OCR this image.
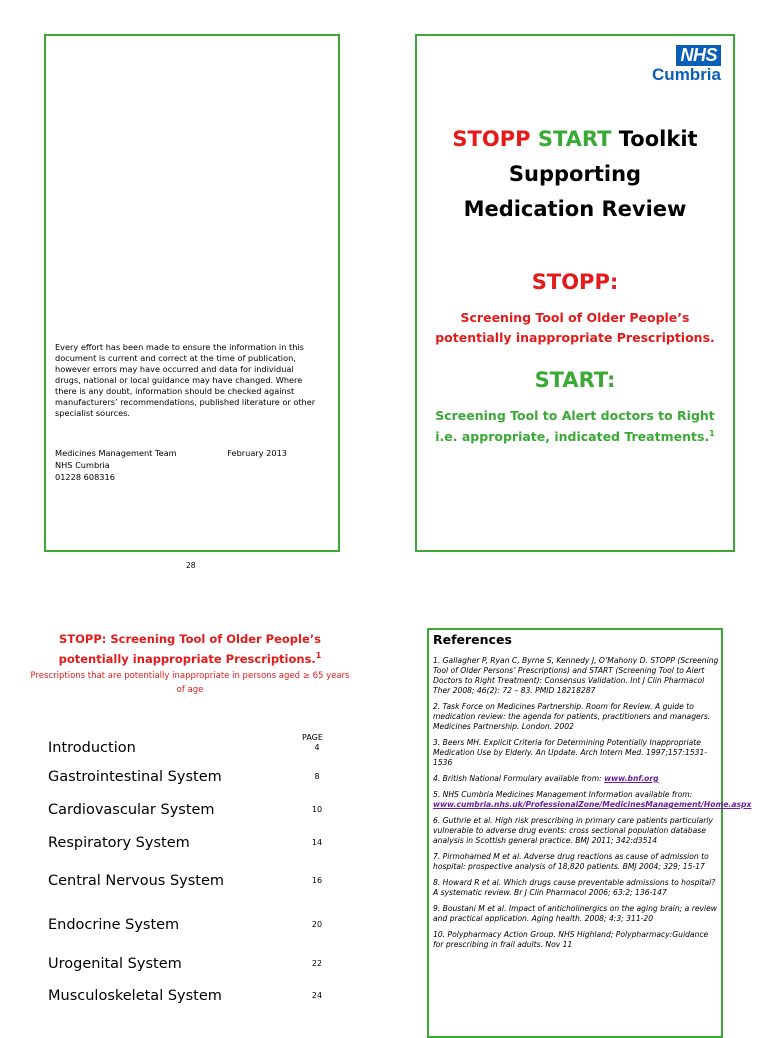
Every effort has been made to ensure the information in this document is current and correct at the time of publication, however errors may have occurred and data for individual drugs, national or local guidance may have changed. Where there is any doubt, information should be checked against manufacturers’ recommendations, published literature or other specialist sources.
Medicines Management Team	February 2013
NHS Cumbria
01228 608316
28
NHS
Cumbria
STOPP START Toolkit
Supporting
Medication Review
STOPP:
Screening Tool of Older People’s potentially inappropriate Prescriptions.
START:
Screening Tool to Alert doctors to Right i.e. appropriate, indicated Treatments.$^1$
STOPP: Screening Tool of Older People’s potentially inappropriate Prescriptions.$^1$
Prescriptions that are potentially inappropriate in persons aged ≥ 65 years of age
PAGE
Introduction	4
Gastrointestinal System	8
Cardiovascular System	10
Respiratory System	14
Central Nervous System	16
Endocrine System	20
Urogenital System	22
Musculoskeletal System	24
References
1. Gallagher P, Ryan C, Byrne S, Kennedy J, O’Mahony D. STOPP (Screening Tool of Older Persons’ Prescriptions) and START (Screening Tool to Alert Doctors to Right Treatment): Consensus Validation. Int J Clin Pharmacol Ther 2008; 46(2): 72 – 83. PMID 18218287
2. Task Force on Medicines Partnership. Room for Review. A guide to medication review: the agenda for patients, practitioners and managers. Medicines Partnership. London. 2002
3. Beers MH. Explicit Criteria for Determining Potentially Inappropriate Medication Use by Elderly. An Update. Arch Intern Med. 1997;157:1531-1536
4. British National Formulary available from: www.bnf.org
5. NHS Cumbria Medicines Management Information available from: www.cumbria.nhs.uk/ProfessionalZone/MedicinesManagement/Home.aspx
6. Guthrie et al. High risk prescribing in primary care patients particularly vulnerable to adverse drug events: cross sectional population database analysis in Scottish general practice. BMJ 2011; 342:d3514
7. Pirmohamed M et al. Adverse drug reactions as cause of admission to hospital: prospective analysis of 18,820 patients. BMJ 2004; 329; 15-17
8. Howard R et al. Which drugs cause preventable admissions to hospital? A systematic review. Br J Clin Pharmacol 2006; 63:2; 136-147
9. Boustani M et al. Impact of anticholinergics on the aging brain; a review and practical application. Aging health. 2008; 4:3; 311-20
10. Polypharmacy Action Group. NHS Highland; Polypharmacy:Guidance for prescribing in frail adults. Nov 11
